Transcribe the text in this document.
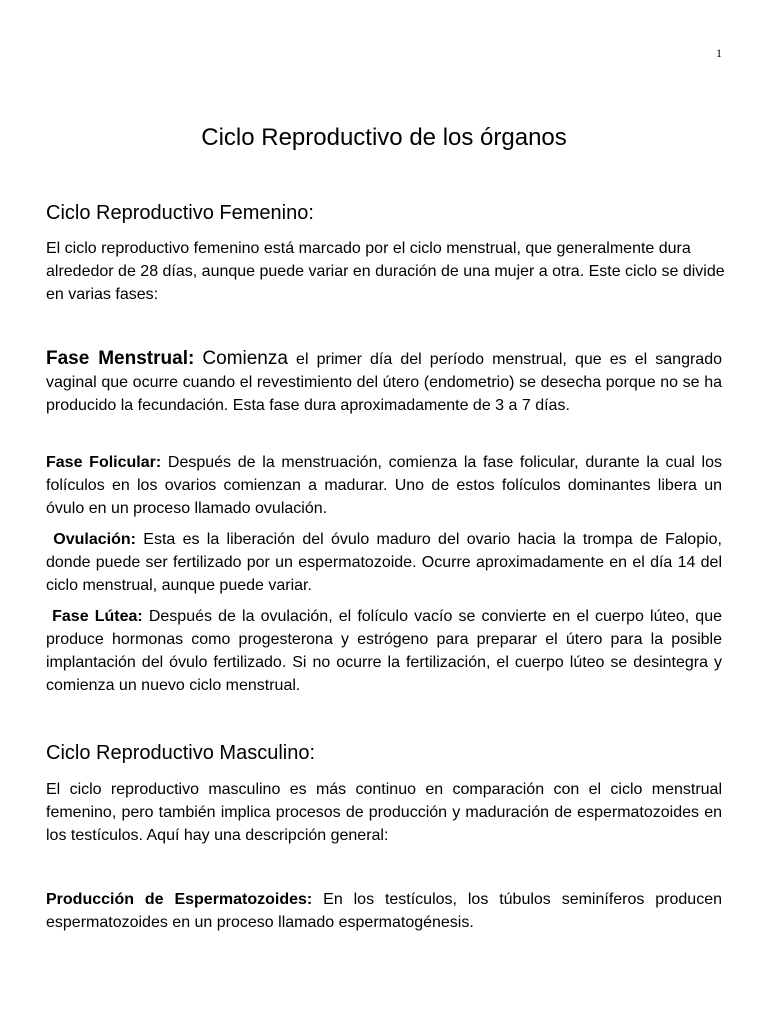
1
Ciclo Reproductivo de los órganos
Ciclo Reproductivo Femenino:

El ciclo reproductivo femenino está marcado por el ciclo menstrual, que generalmente dura alrededor de 28 días, aunque puede variar en duración de una mujer a otra. Este ciclo se divide en varias fases:

Fase Menstrual: Comienza el primer día del período menstrual, que es el sangrado vaginal que ocurre cuando el revestimiento del útero (endometrio) se desecha porque no se ha producido la fecundación. Esta fase dura aproximadamente de 3 a 7 días.

Fase Folicular: Después de la menstruación, comienza la fase folicular, durante la cual los folículos en los ovarios comienzan a madurar. Uno de estos folículos dominantes libera un óvulo en un proceso llamado ovulación.

Ovulación: Esta es la liberación del óvulo maduro del ovario hacia la trompa de Falopio, donde puede ser fertilizado por un espermatozoide. Ocurre aproximadamente en el día 14 del ciclo menstrual, aunque puede variar.

Fase Lútea: Después de la ovulación, el folículo vacío se convierte en el cuerpo lúteo, que produce hormonas como progesterona y estrógeno para preparar el útero para la posible implantación del óvulo fertilizado. Si no ocurre la fertilización, el cuerpo lúteo se desintegra y comienza un nuevo ciclo menstrual.

Ciclo Reproductivo Masculino:

El ciclo reproductivo masculino es más continuo en comparación con el ciclo menstrual femenino, pero también implica procesos de producción y maduración de espermatozoides en los testículos. Aquí hay una descripción general:

Producción de Espermatozoides: En los testículos, los túbulos seminíferos producen espermatozoides en un proceso llamado espermatogénesis.
